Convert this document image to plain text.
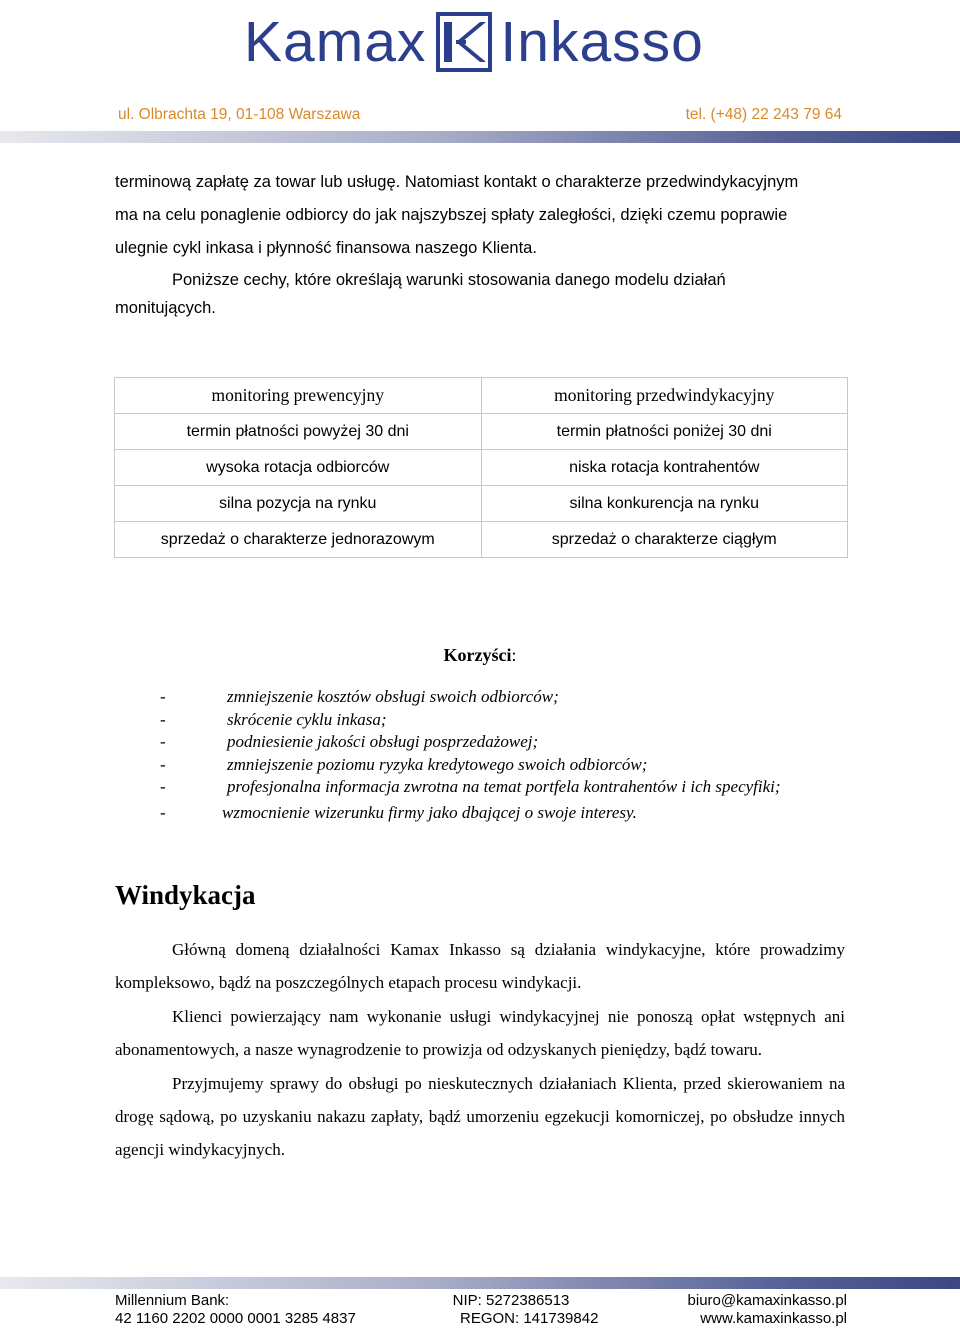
Kamax Inkasso
ul. Olbrachta 19, 01-108 Warszawa	tel. (+48) 22 243 79 64
terminową zapłatę za towar lub usługę. Natomiast kontakt o charakterze przedwindykacyjnym
ma na celu ponaglenie odbiorcy do jak najszybszej spłaty zaległości, dzięki czemu poprawie
ulegnie cykl inkasa i płynność finansowa naszego Klienta.

Poniższe cechy, które określają warunki stosowania danego modelu działań monitujących.

monitoring prewencyjny	monitoring przedwindykacyjny
termin płatności powyżej 30 dni	termin płatności poniżej 30 dni
wysoka rotacja odbiorców	niska rotacja kontrahentów
silna pozycja na rynku	silna konkurencja na rynku
sprzedaż o charakterze jednorazowym	sprzedaż o charakterze ciągłym
Korzyści:
-	zmniejszenie kosztów obsługi swoich odbiorców;
-	skrócenie cyklu inkasa;
-	podniesienie jakości obsługi posprzedażowej;
-	zmniejszenie poziomu ryzyka kredytowego swoich odbiorców;
-	profesjonalna informacja zwrotna na temat portfela kontrahentów i ich specyfiki;
-	wzmocnienie wizerunku firmy jako dbającej o swoje interesy.
Windykacja

Główną domeną działalności Kamax Inkasso są działania windykacyjne, które prowadzimy kompleksowo, bądź na poszczególnych etapach procesu windykacji.

Klienci powierzający nam wykonanie usługi windykacyjnej nie ponoszą opłat wstępnych ani abonamentowych, a nasze wynagrodzenie to prowizja od odzyskanych pieniędzy, bądź towaru.

Przyjmujemy sprawy do obsługi po nieskutecznych działaniach Klienta, przed skierowaniem na drogę sądową, po uzyskaniu nakazu zapłaty, bądź umorzeniu egzekucji komorniczej, po obsłudze innych agencji windykacyjnych.

Millennium Bank:	NIP: 5272386513	biuro@kamaxinkasso.pl
42 1160 2202 0000 0001 3285 4837	REGON: 141739842	www.kamaxinkasso.pl
